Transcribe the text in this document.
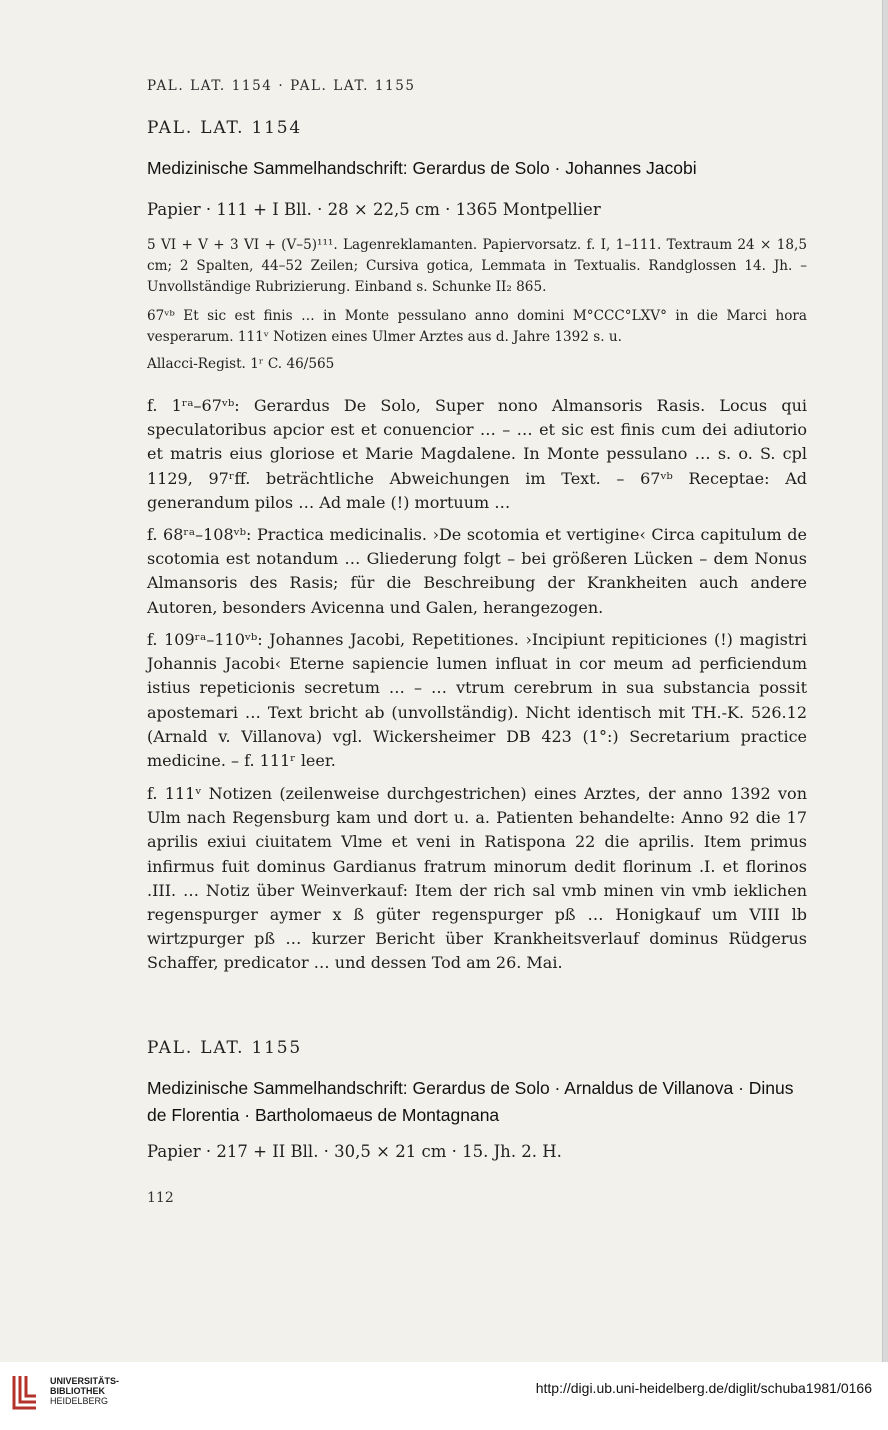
PAL. LAT. 1154 · PAL. LAT. 1155
PAL. LAT. 1154
Medizinische Sammelhandschrift: Gerardus de Solo · Johannes Jacobi
Papier · 111 + I Bll. · 28 × 22,5 cm · 1365 Montpellier

5 VI + V + 3 VI + (V–5)¹¹¹. Lagenreklamanten. Papiervorsatz. f. I, 1–111. Textraum 24 × 18,5 cm; 2 Spalten, 44–52 Zeilen; Cursiva gotica, Lemmata in Textualis. Randglossen 14. Jh. – Unvollständige Rubrizierung. Einband s. Schunke II₂ 865.

67ᵛᵇ Et sic est finis … in Monte pessulano anno domini M°CCC°LXV° in die Marci hora vesperarum. 111ᵛ Notizen eines Ulmer Arztes aus d. Jahre 1392 s. u.

Allacci-Regist. 1ʳ C. 46/565

f. 1ʳᵃ–67ᵛᵇ: Gerardus De Solo, Super nono Almansoris Rasis. Locus qui speculatoribus apcior est et conuencior … – … et sic est finis cum dei adiutorio et matris eius gloriose et Marie Magdalene. In Monte pessulano … s. o. S. cpl 1129, 97ʳff. beträchtliche Abweichungen im Text. – 67ᵛᵇ Receptae: Ad generandum pilos … Ad male (!) mortuum …

f. 68ʳᵃ–108ᵛᵇ: Practica medicinalis. ›De scotomia et vertigine‹ Circa capitulum de scotomia est notandum … Gliederung folgt – bei größeren Lücken – dem Nonus Almansoris des Rasis; für die Beschreibung der Krankheiten auch andere Autoren, besonders Avicenna und Galen, herangezogen.

f. 109ʳᵃ–110ᵛᵇ: Johannes Jacobi, Repetitiones. ›Incipiunt repiticiones (!) magistri Johannis Jacobi‹ Eterne sapiencie lumen influat in cor meum ad perficiendum istius repeticionis secretum … – … vtrum cerebrum in sua substancia possit apostemari … Text bricht ab (unvollständig). Nicht identisch mit TH.-K. 526.12 (Arnald v. Villanova) vgl. Wickersheimer DB 423 (1°:) Secretarium practice medicine. – f. 111ʳ leer.

f. 111ᵛ Notizen (zeilenweise durchgestrichen) eines Arztes, der anno 1392 von Ulm nach Regensburg kam und dort u. a. Patienten behandelte: Anno 92 die 17 aprilis exiui ciuitatem Vlme et veni in Ratispona 22 die aprilis. Item primus infirmus fuit dominus Gardianus fratrum minorum dedit florinum .I. et florinos .III. … Notiz über Weinverkauf: Item der rich sal vmb minen vin vmb ieklichen regenspurger aymer x ß güter regenspurger pß … Honigkauf um VIII lb wirtzpurger pß … kurzer Bericht über Krankheitsverlauf dominus Rüdgerus Schaffer, predicator … und dessen Tod am 26. Mai.

PAL. LAT. 1155
Medizinische Sammelhandschrift: Gerardus de Solo · Arnaldus de Villanova · Dinus de Florentia · Bartholomaeus de Montagnana
Papier · 217 + II Bll. · 30,5 × 21 cm · 15. Jh. 2. H.
112
UNIVERSITÄTS-
BIBLIOTHEK
HEIDELBERG
http://digi.ub.uni-heidelberg.de/diglit/schuba1981/0166
